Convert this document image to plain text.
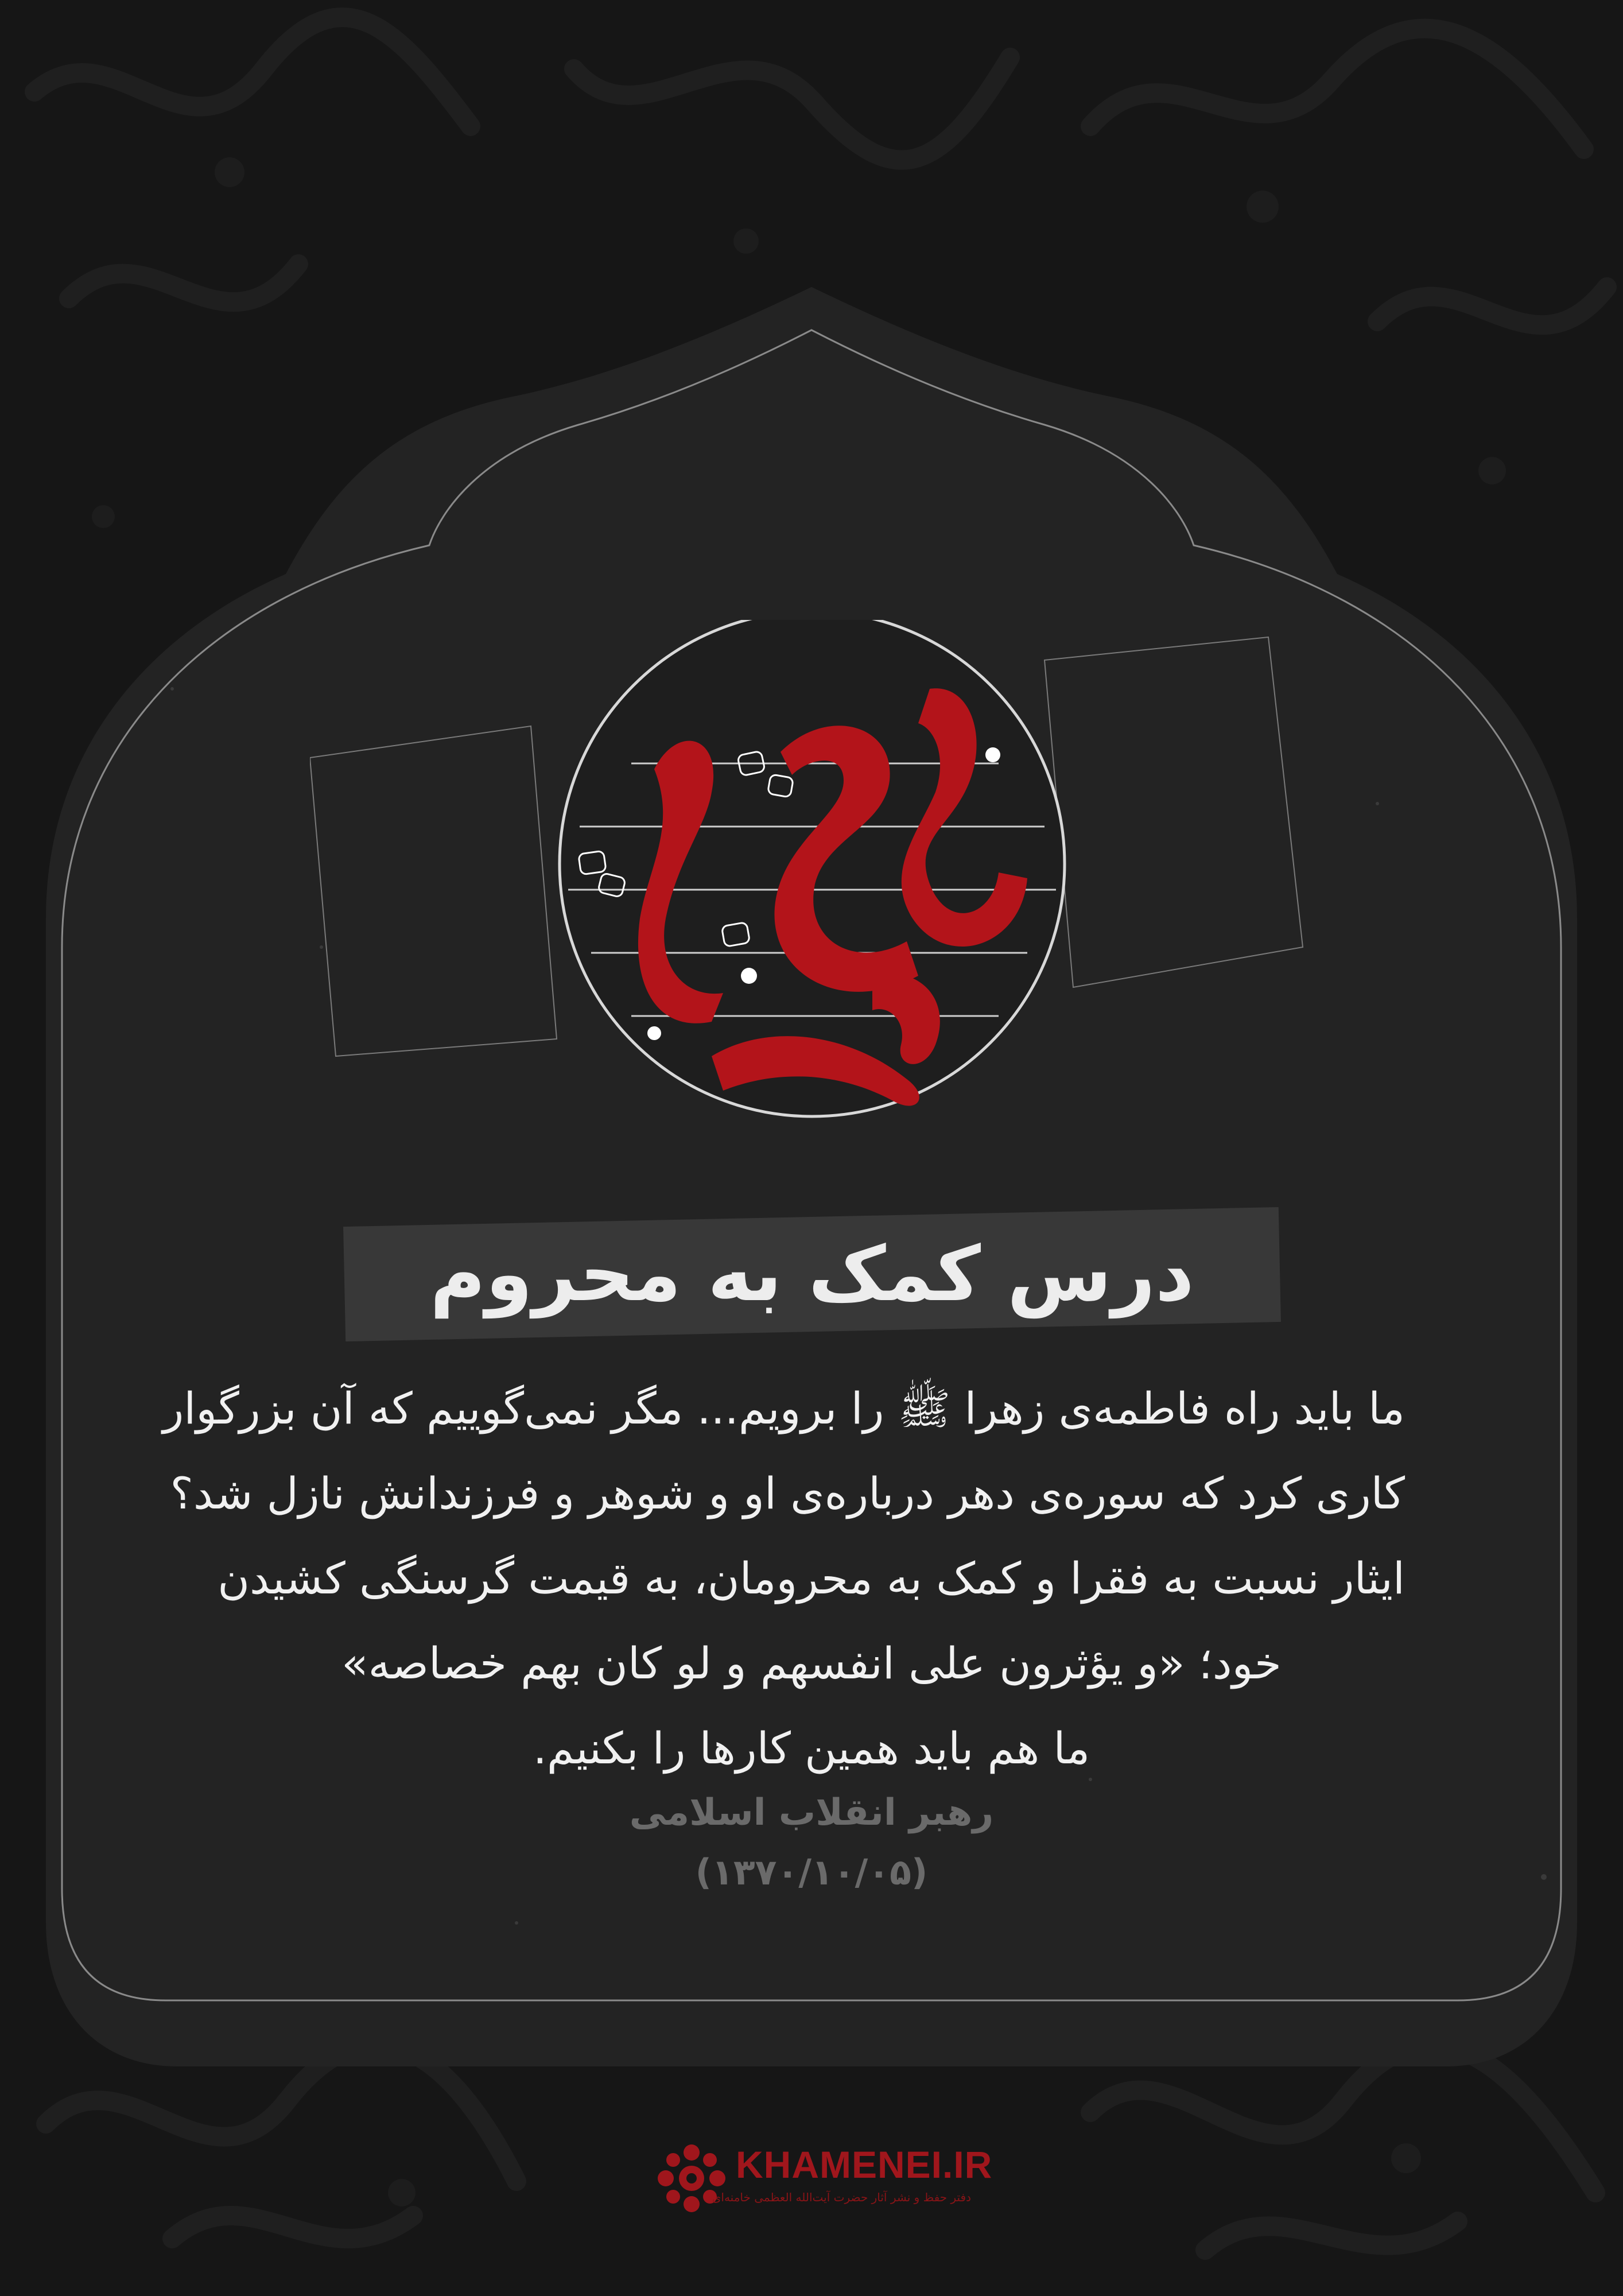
درس کمک به محروم
ما باید راه فاطمه‌ی زهرا ﷺ را برویم... مگر نمی‌گوییم که آن بزرگوار
کاری کرد که سوره‌ی دهر درباره‌ی او و شوهر و فرزندانش نازل شد؟
ایثار نسبت به فقرا و کمک به محرومان، به قیمت گرسنگی کشیدن
خود؛ «و یؤثرون علی انفسهم و لو کان بهم خصاصه»
ما هم باید همین کارها را بکنیم.
رهبر انقلاب اسلامی
(۱۳۷۰/۱۰/۰۵)
KHAMENEI.IR
دفتر حفظ و نشر آثار حضرت آیت‌الله العظمی خامنه‌ای
